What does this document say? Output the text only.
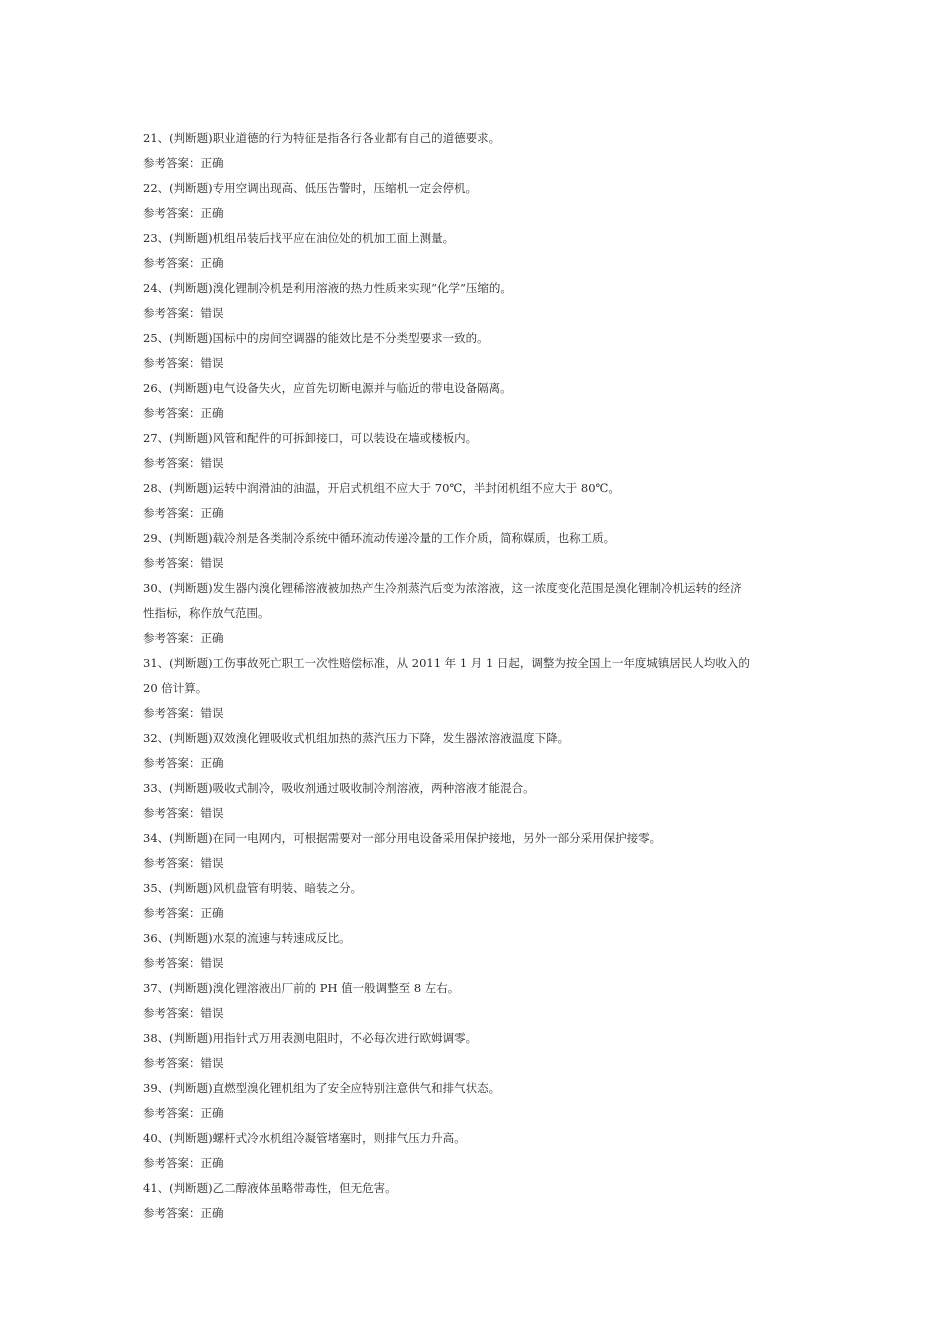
21、(判断题)职业道德的行为特征是指各行各业都有自己的道德要求。
参考答案：正确
22、(判断题)专用空调出现高、低压告警时，压缩机一定会停机。
参考答案：正确
23、(判断题)机组吊装后找平应在油位处的机加工面上测量。
参考答案：正确
24、(判断题)溴化锂制冷机是利用溶液的热力性质来实现“化学”压缩的。
参考答案：错误
25、(判断题)国标中的房间空调器的能效比是不分类型要求一致的。
参考答案：错误
26、(判断题)电气设备失火，应首先切断电源并与临近的带电设备隔离。
参考答案：正确
27、(判断题)风管和配件的可拆卸接口，可以装设在墙或楼板内。
参考答案：错误
28、(判断题)运转中润滑油的油温，开启式机组不应大于 70℃，半封闭机组不应大于 80℃。
参考答案：正确
29、(判断题)载冷剂是各类制冷系统中循环流动传递冷量的工作介质，简称媒质，也称工质。
参考答案：错误
30、(判断题)发生器内溴化锂稀溶液被加热产生冷剂蒸汽后变为浓溶液，这一浓度变化范围是溴化锂制冷机运转的经济
性指标，称作放气范围。
参考答案：正确
31、(判断题)工伤事故死亡职工一次性赔偿标准，从 2011 年 1 月 1 日起，调整为按全国上一年度城镇居民人均收入的
20 倍计算。
参考答案：错误
32、(判断题)双效溴化锂吸收式机组加热的蒸汽压力下降，发生器浓溶液温度下降。
参考答案：正确
33、(判断题)吸收式制冷，吸收剂通过吸收制冷剂溶液，两种溶液才能混合。
参考答案：错误
34、(判断题)在同一电网内，可根据需要对一部分用电设备采用保护接地，另外一部分采用保护接零。
参考答案：错误
35、(判断题)风机盘管有明装、暗装之分。
参考答案：正确
36、(判断题)水泵的流速与转速成反比。
参考答案：错误
37、(判断题)溴化锂溶液出厂前的 PH 值一般调整至 8 左右。
参考答案：错误
38、(判断题)用指针式万用表测电阻时，不必每次进行欧姆调零。
参考答案：错误
39、(判断题)直燃型溴化锂机组为了安全应特别注意供气和排气状态。
参考答案：正确
40、(判断题)螺杆式冷水机组冷凝管堵塞时，则排气压力升高。
参考答案：正确
41、(判断题)乙二醇液体虽略带毒性，但无危害。
参考答案：正确
